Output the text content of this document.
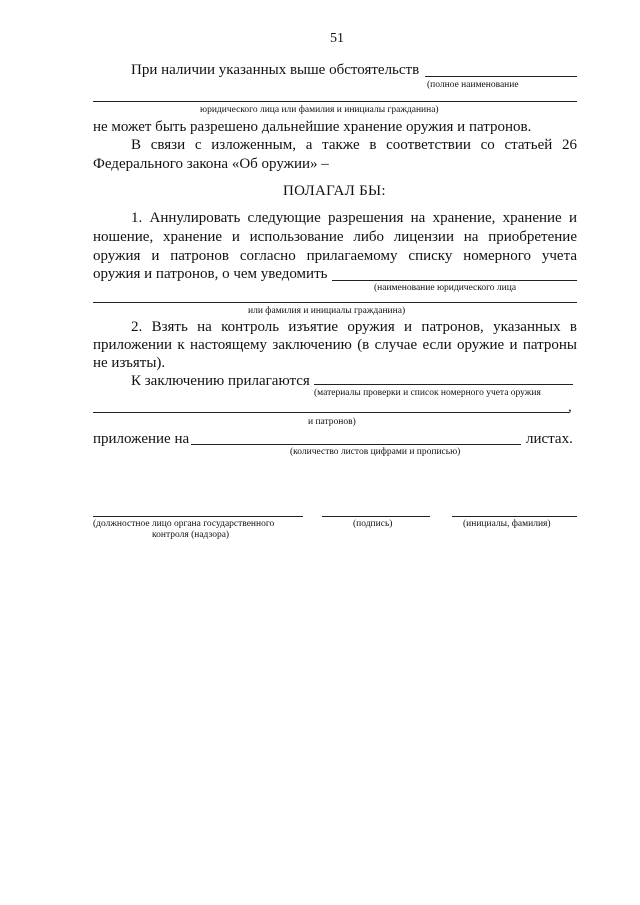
51
При наличии указанных выше обстоятельств
(полное наименование
юридического лица или фамилия и инициалы гражданина)
не может быть разрешено дальнейшие хранение оружия и патронов.
В связи с изложенным, а также в соответствии со статьей 26
Федерального закона «Об оружии» –
ПОЛАГАЛ БЫ:
1. Аннулировать следующие разрешения на хранение, хранение и
ношение, хранение и использование либо лицензии на приобретение
оружия и патронов согласно прилагаемому списку номерного учета
оружия и патронов, о чем уведомить
(наименование юридического лица
или фамилия и инициалы гражданина)
2. Взять на контроль изъятие оружия и патронов, указанных в
приложении к настоящему заключению (в случае если оружие и патроны
не изъяты).
К заключению прилагаются
(материалы проверки и список номерного учета оружия
,
и патронов)
приложение на	листах.
(количество листов цифрами и прописью)
(должностное лицо органа государственного
контроля (надзора)
(подпись)	(инициалы, фамилия)
